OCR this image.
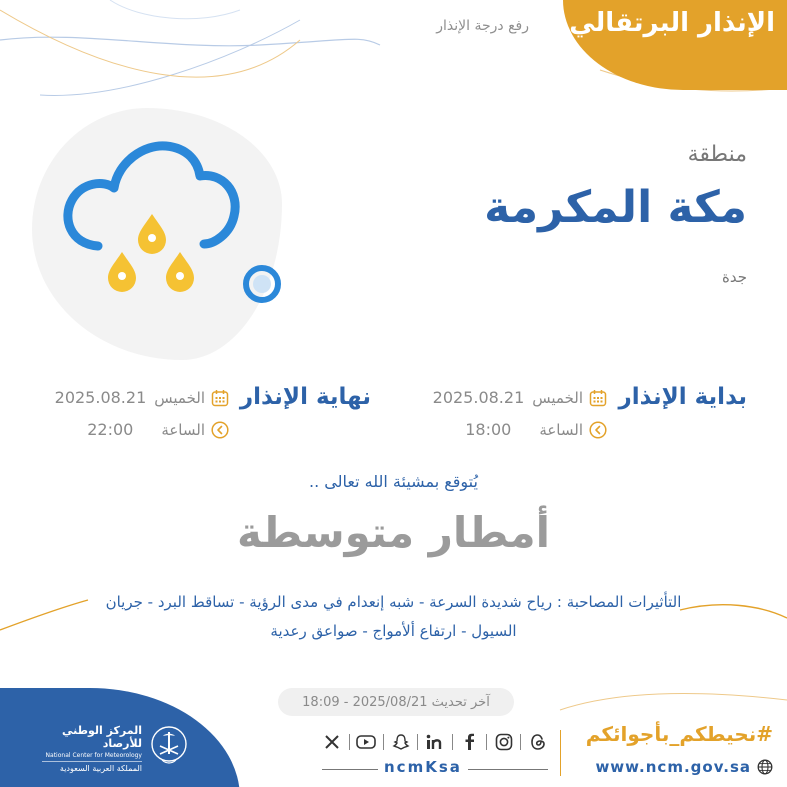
الإنذار البرتقالي
رفع درجة الإنذار
منطقة
مكة المكرمة
جدة
بداية الإنذار
الخميس
2025.08.21
الساعة
18:00
نهاية الإنذار
الخميس
2025.08.21
الساعة
22:00
يُتوقع بمشيئة الله تعالى ..
أمطار متوسطة
التأثيرات المصاحبة : رياح شديدة السرعة - شبه إنعدام في مدى الرؤية - تساقط البرد - جريان السيول - ارتفاع ألأمواج - صواعق رعدية
آخر تحديث 2025/08/21 - 18:09
المركز الوطني للأرصاد
National Center for Meteorology
المملكة العربية السعودية	ncmKsa
#نحيطكم_بأجوائكم
www.ncm.gov.sa
